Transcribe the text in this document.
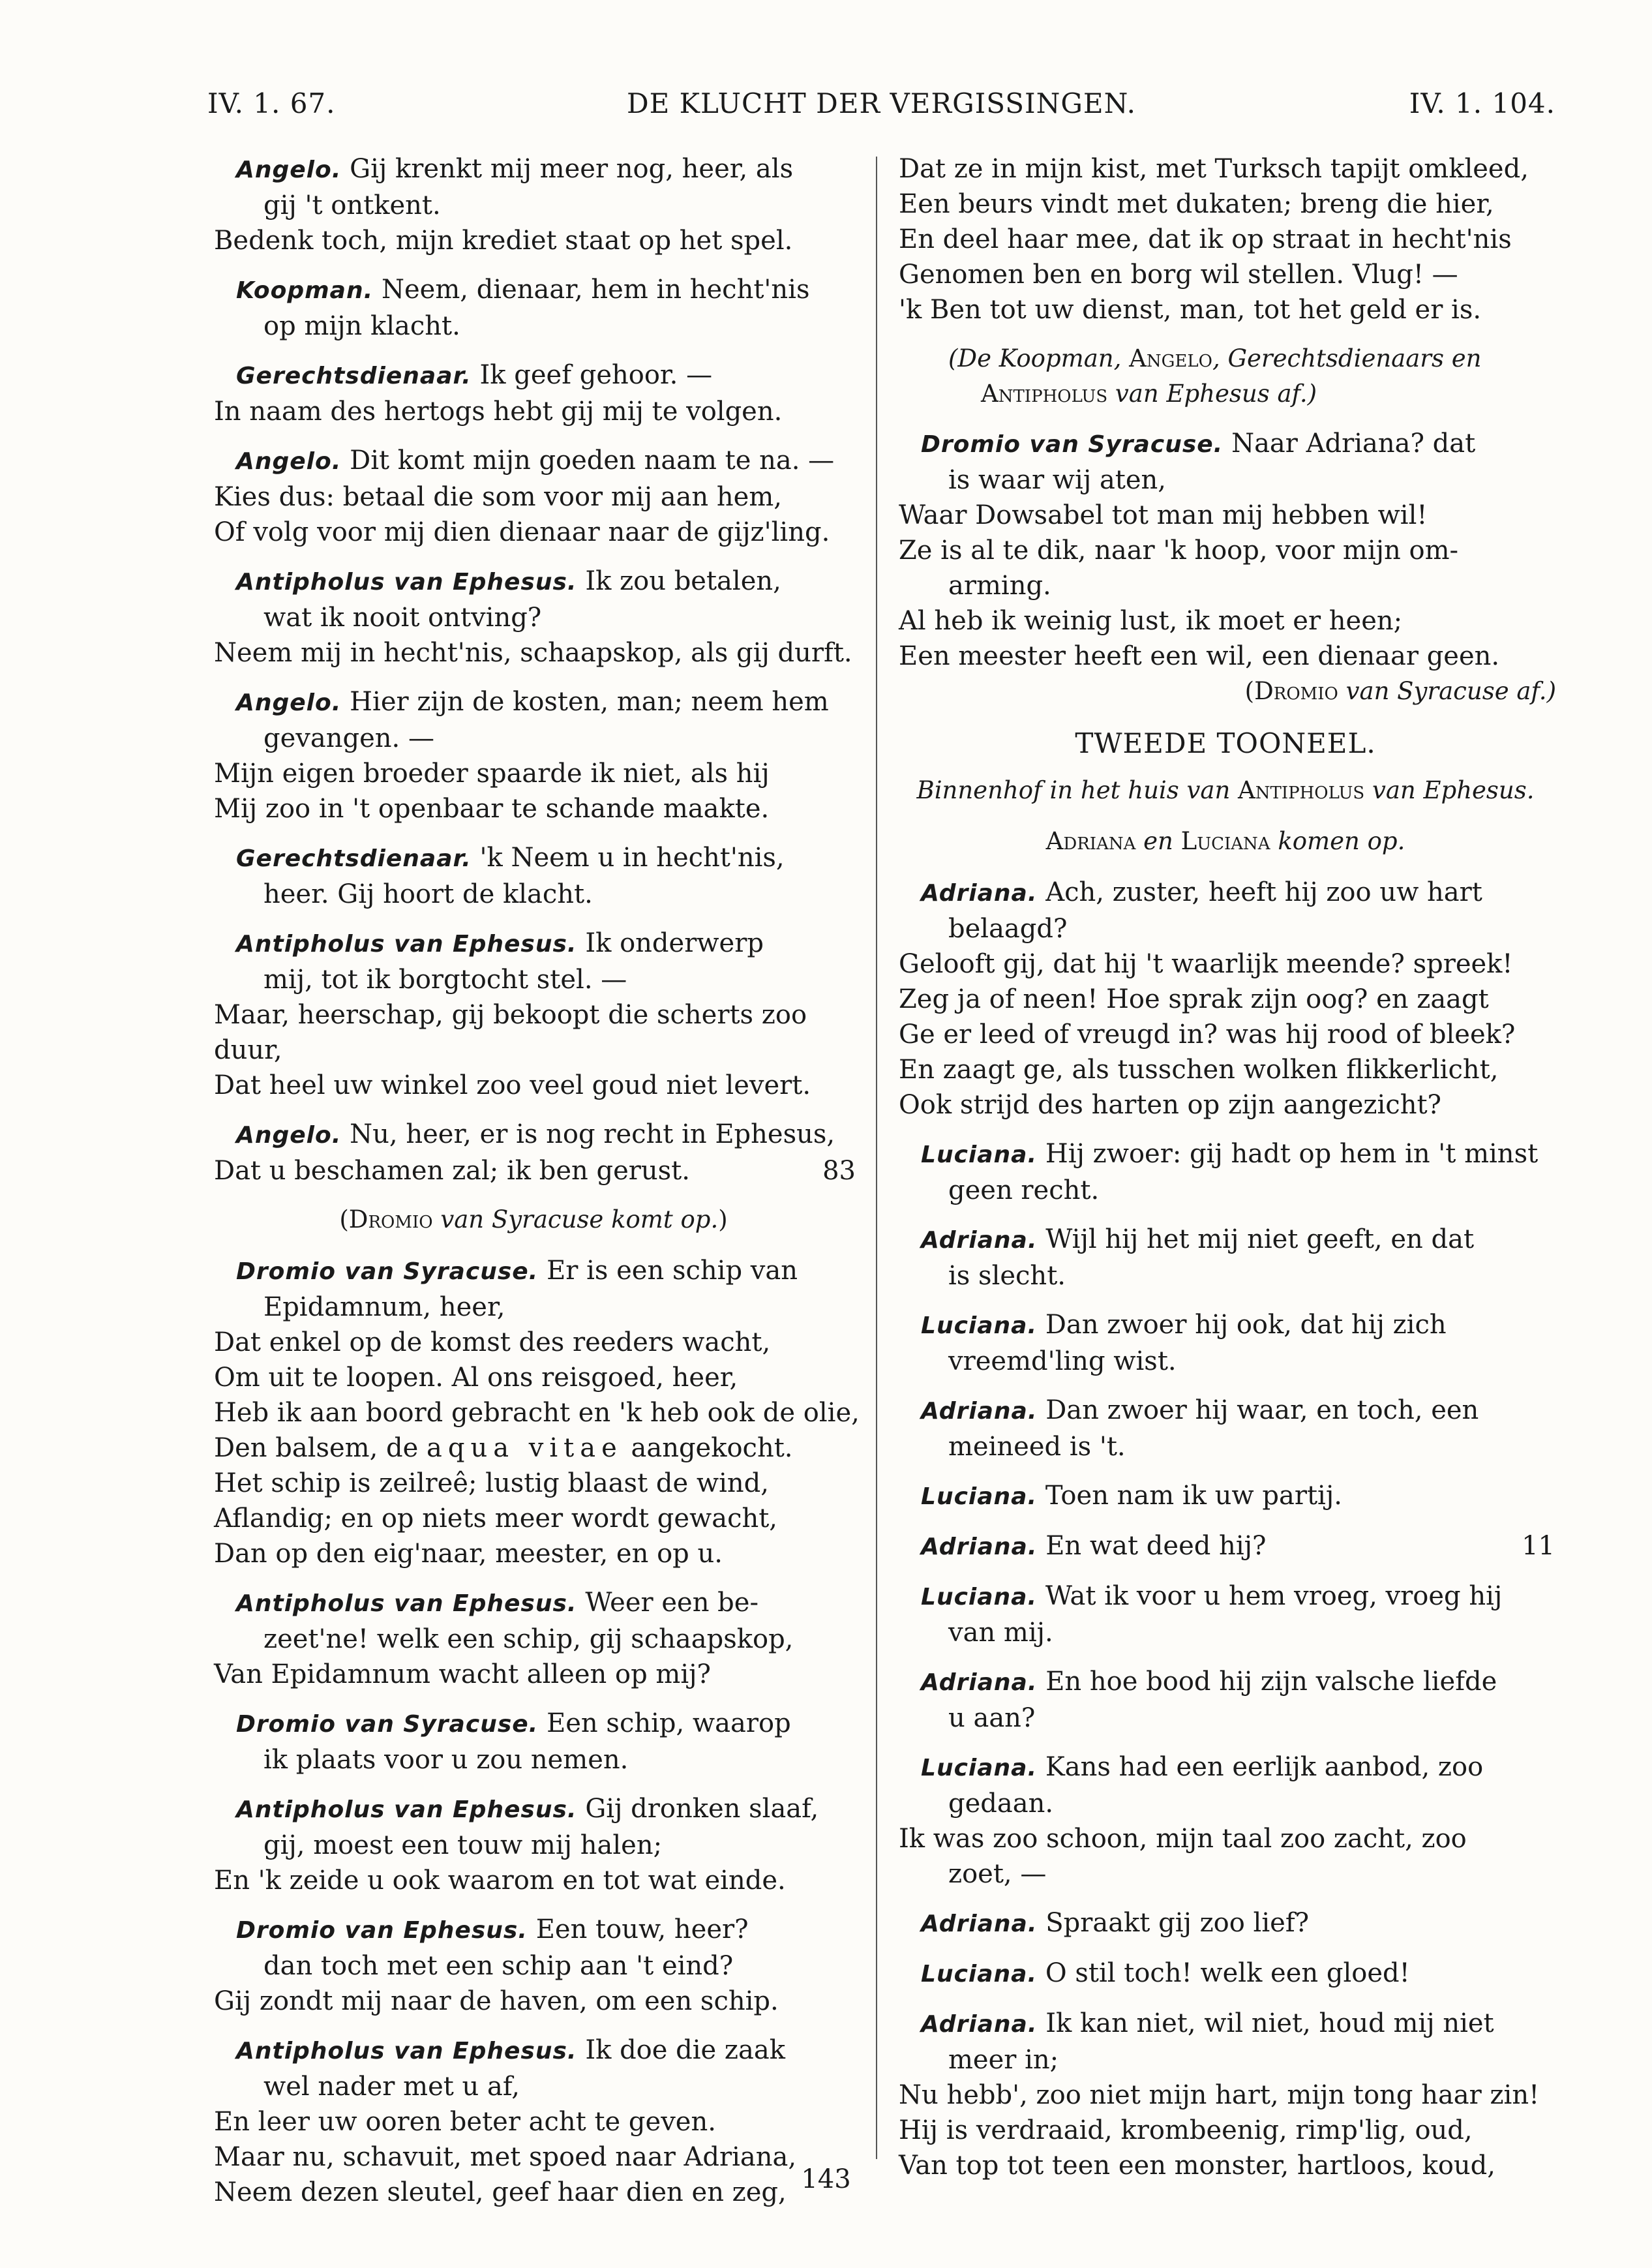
IV. 1. 67.	DE KLUCHT DER VERGISSINGEN.	IV. 1. 104.

Angelo. Gij krenkt mij meer nog, heer, als

gij 't ontkent.

Bedenk toch, mijn krediet staat op het spel.

Koopman. Neem, dienaar, hem in hecht'nis

op mijn klacht.

Gerechtsdienaar. Ik geef gehoor. —

In naam des hertogs hebt gij mij te volgen.

Angelo. Dit komt mijn goeden naam te na. —

Kies dus: betaal die som voor mij aan hem,

Of volg voor mij dien dienaar naar de gijz'ling.

Antipholus van Ephesus. Ik zou betalen,

wat ik nooit ontving?

Neem mij in hecht'nis, schaapskop, als gij durft.

Angelo. Hier zijn de kosten, man; neem hem

gevangen. —

Mijn eigen broeder spaarde ik niet, als hij

Mij zoo in 't openbaar te schande maakte.

Gerechtsdienaar. 'k Neem u in hecht'nis,

heer. Gij hoort de klacht.

Antipholus van Ephesus. Ik onderwerp

mij, tot ik borgtocht stel. —

Maar, heerschap, gij bekoopt die scherts zoo duur,

Dat heel uw winkel zoo veel goud niet levert.

Angelo. Nu, heer, er is nog recht in Ephesus,

Dat u beschamen zal; ik ben gerust.	83

(Dromio van Syracuse komt op.)

Dromio van Syracuse. Er is een schip van

Epidamnum, heer,

Dat enkel op de komst des reeders wacht,

Om uit te loopen. Al ons reisgoed, heer,

Heb ik aan boord gebracht en 'k heb ook de olie,

Den balsem, de aqua vitae aangekocht.

Het schip is zeilreê; lustig blaast de wind,

Aflandig; en op niets meer wordt gewacht,

Dan op den eig'naar, meester, en op u.

Antipholus van Ephesus. Weer een be-

zeet'ne! welk een schip, gij schaapskop,

Van Epidamnum wacht alleen op mij?

Dromio van Syracuse. Een schip, waarop

ik plaats voor u zou nemen.

Antipholus van Ephesus. Gij dronken slaaf,

gij, moest een touw mij halen;

En 'k zeide u ook waarom en tot wat einde.

Dromio van Ephesus. Een touw, heer?

dan toch met een schip aan 't eind?

Gij zondt mij naar de haven, om een schip.

Antipholus van Ephesus. Ik doe die zaak

wel nader met u af,

En leer uw ooren beter acht te geven.

Maar nu, schavuit, met spoed naar Adriana,

Neem dezen sleutel, geef haar dien en zeg,

Dat ze in mijn kist, met Turksch tapijt omkleed,

Een beurs vindt met dukaten; breng die hier,

En deel haar mee, dat ik op straat in hecht'nis

Genomen ben en borg wil stellen. Vlug! —

'k Ben tot uw dienst, man, tot het geld er is.

(De Koopman, Angelo, Gerechtsdienaars en

Antipholus van Ephesus af.)

Dromio van Syracuse. Naar Adriana? dat

is waar wij aten,

Waar Dowsabel tot man mij hebben wil!

Ze is al te dik, naar 'k hoop, voor mijn om-

arming.

Al heb ik weinig lust, ik moet er heen;

Een meester heeft een wil, een dienaar geen.

(Dromio van Syracuse af.)

TWEEDE TOONEEL.

Binnenhof in het huis van Antipholus van Ephesus.

Adriana en Luciana komen op.

Adriana. Ach, zuster, heeft hij zoo uw hart

belaagd?

Gelooft gij, dat hij 't waarlijk meende? spreek!

Zeg ja of neen! Hoe sprak zijn oog? en zaagt

Ge er leed of vreugd in? was hij rood of bleek?

En zaagt ge, als tusschen wolken flikkerlicht,

Ook strijd des harten op zijn aangezicht?

Luciana. Hij zwoer: gij hadt op hem in 't minst

geen recht.

Adriana. Wijl hij het mij niet geeft, en dat

is slecht.

Luciana. Dan zwoer hij ook, dat hij zich

vreemd'ling wist.

Adriana. Dan zwoer hij waar, en toch, een

meineed is 't.

Luciana. Toen nam ik uw partij.

Adriana. En wat deed hij?	11

Luciana. Wat ik voor u hem vroeg, vroeg hij

van mij.

Adriana. En hoe bood hij zijn valsche liefde

u aan?

Luciana. Kans had een eerlijk aanbod, zoo

gedaan.

Ik was zoo schoon, mijn taal zoo zacht, zoo

zoet, —

Adriana. Spraakt gij zoo lief?

Luciana. O stil toch! welk een gloed!

Adriana. Ik kan niet, wil niet, houd mij niet

meer in;

Nu hebb', zoo niet mijn hart, mijn tong haar zin!

Hij is verdraaid, krombeenig, rimp'lig, oud,

Van top tot teen een monster, hartloos, koud,

143
